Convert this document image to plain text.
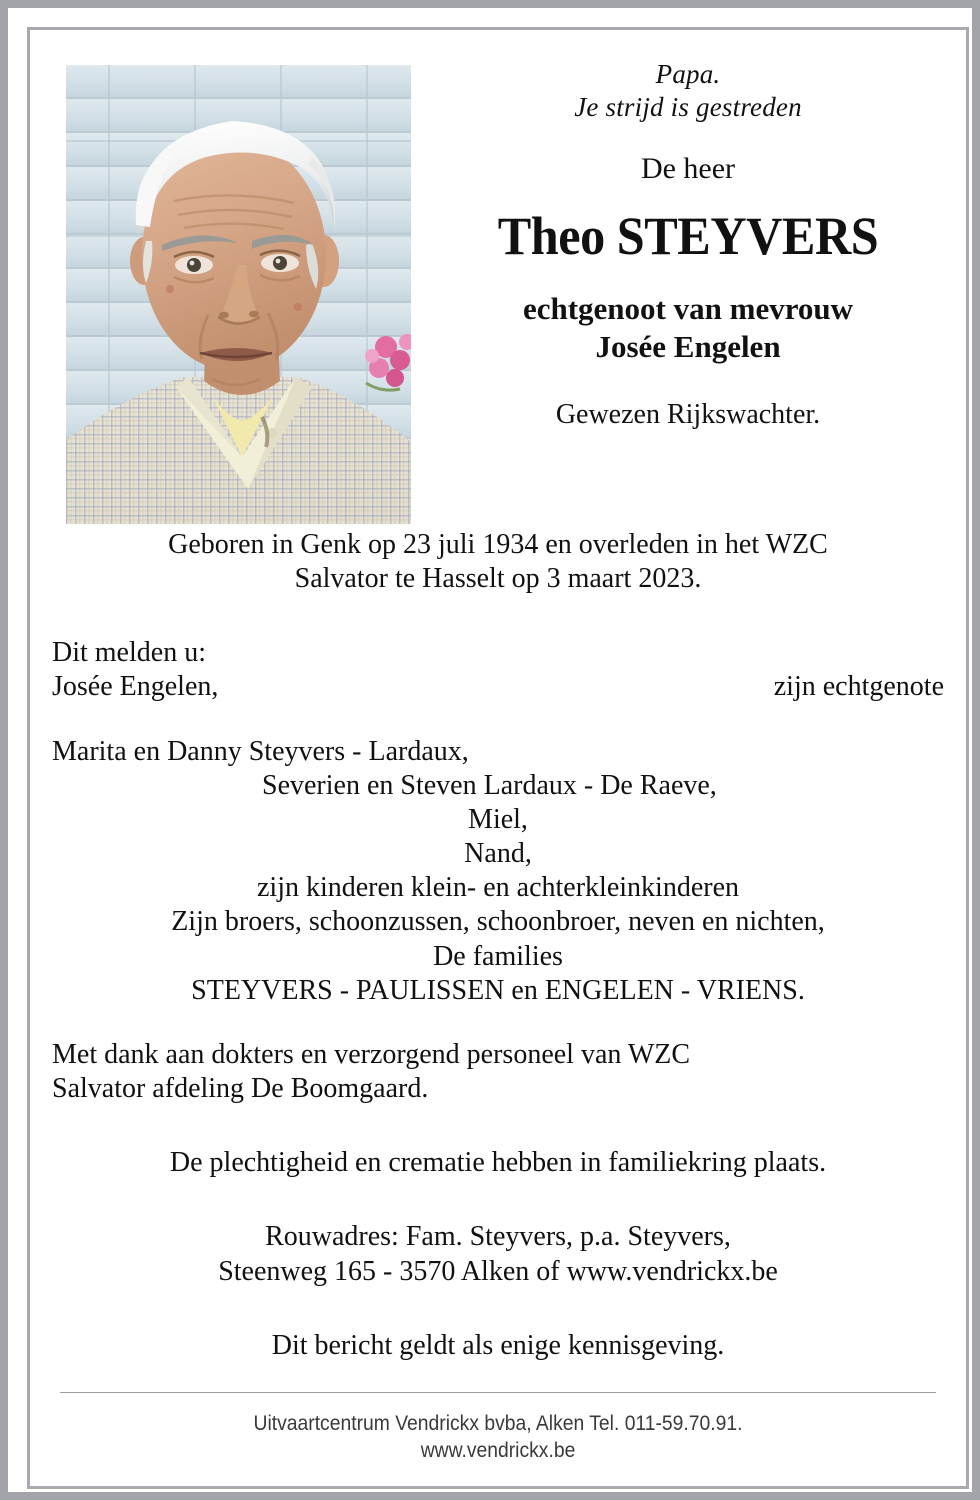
Papa.
Je strijd is gestreden
De heer
Theo STEYVERS
echtgenoot van mevrouw
Josée Engelen
Gewezen Rijkswachter.
Geboren in Genk op 23 juli 1934 en overleden in het WZC
Salvator te Hasselt op 3 maart 2023.
Dit melden u:
Josée Engelen,	zijn echtgenote
Marita en Danny Steyvers - Lardaux,
Severien en Steven Lardaux - De Raeve,
Miel,
Nand,
zijn kinderen klein- en achterkleinkinderen
Zijn broers, schoonzussen, schoonbroer, neven en nichten,
De families
STEYVERS - PAULISSEN en ENGELEN - VRIENS.
Met dank aan dokters en verzorgend personeel van WZC
Salvator afdeling De Boomgaard.
De plechtigheid en crematie hebben in familiekring plaats.
Rouwadres: Fam. Steyvers, p.a. Steyvers,
Steenweg 165 - 3570 Alken of www.vendrickx.be
Dit bericht geldt als enige kennisgeving.
Uitvaartcentrum Vendrickx bvba, Alken Tel. 011-59.70.91.
www.vendrickx.be
